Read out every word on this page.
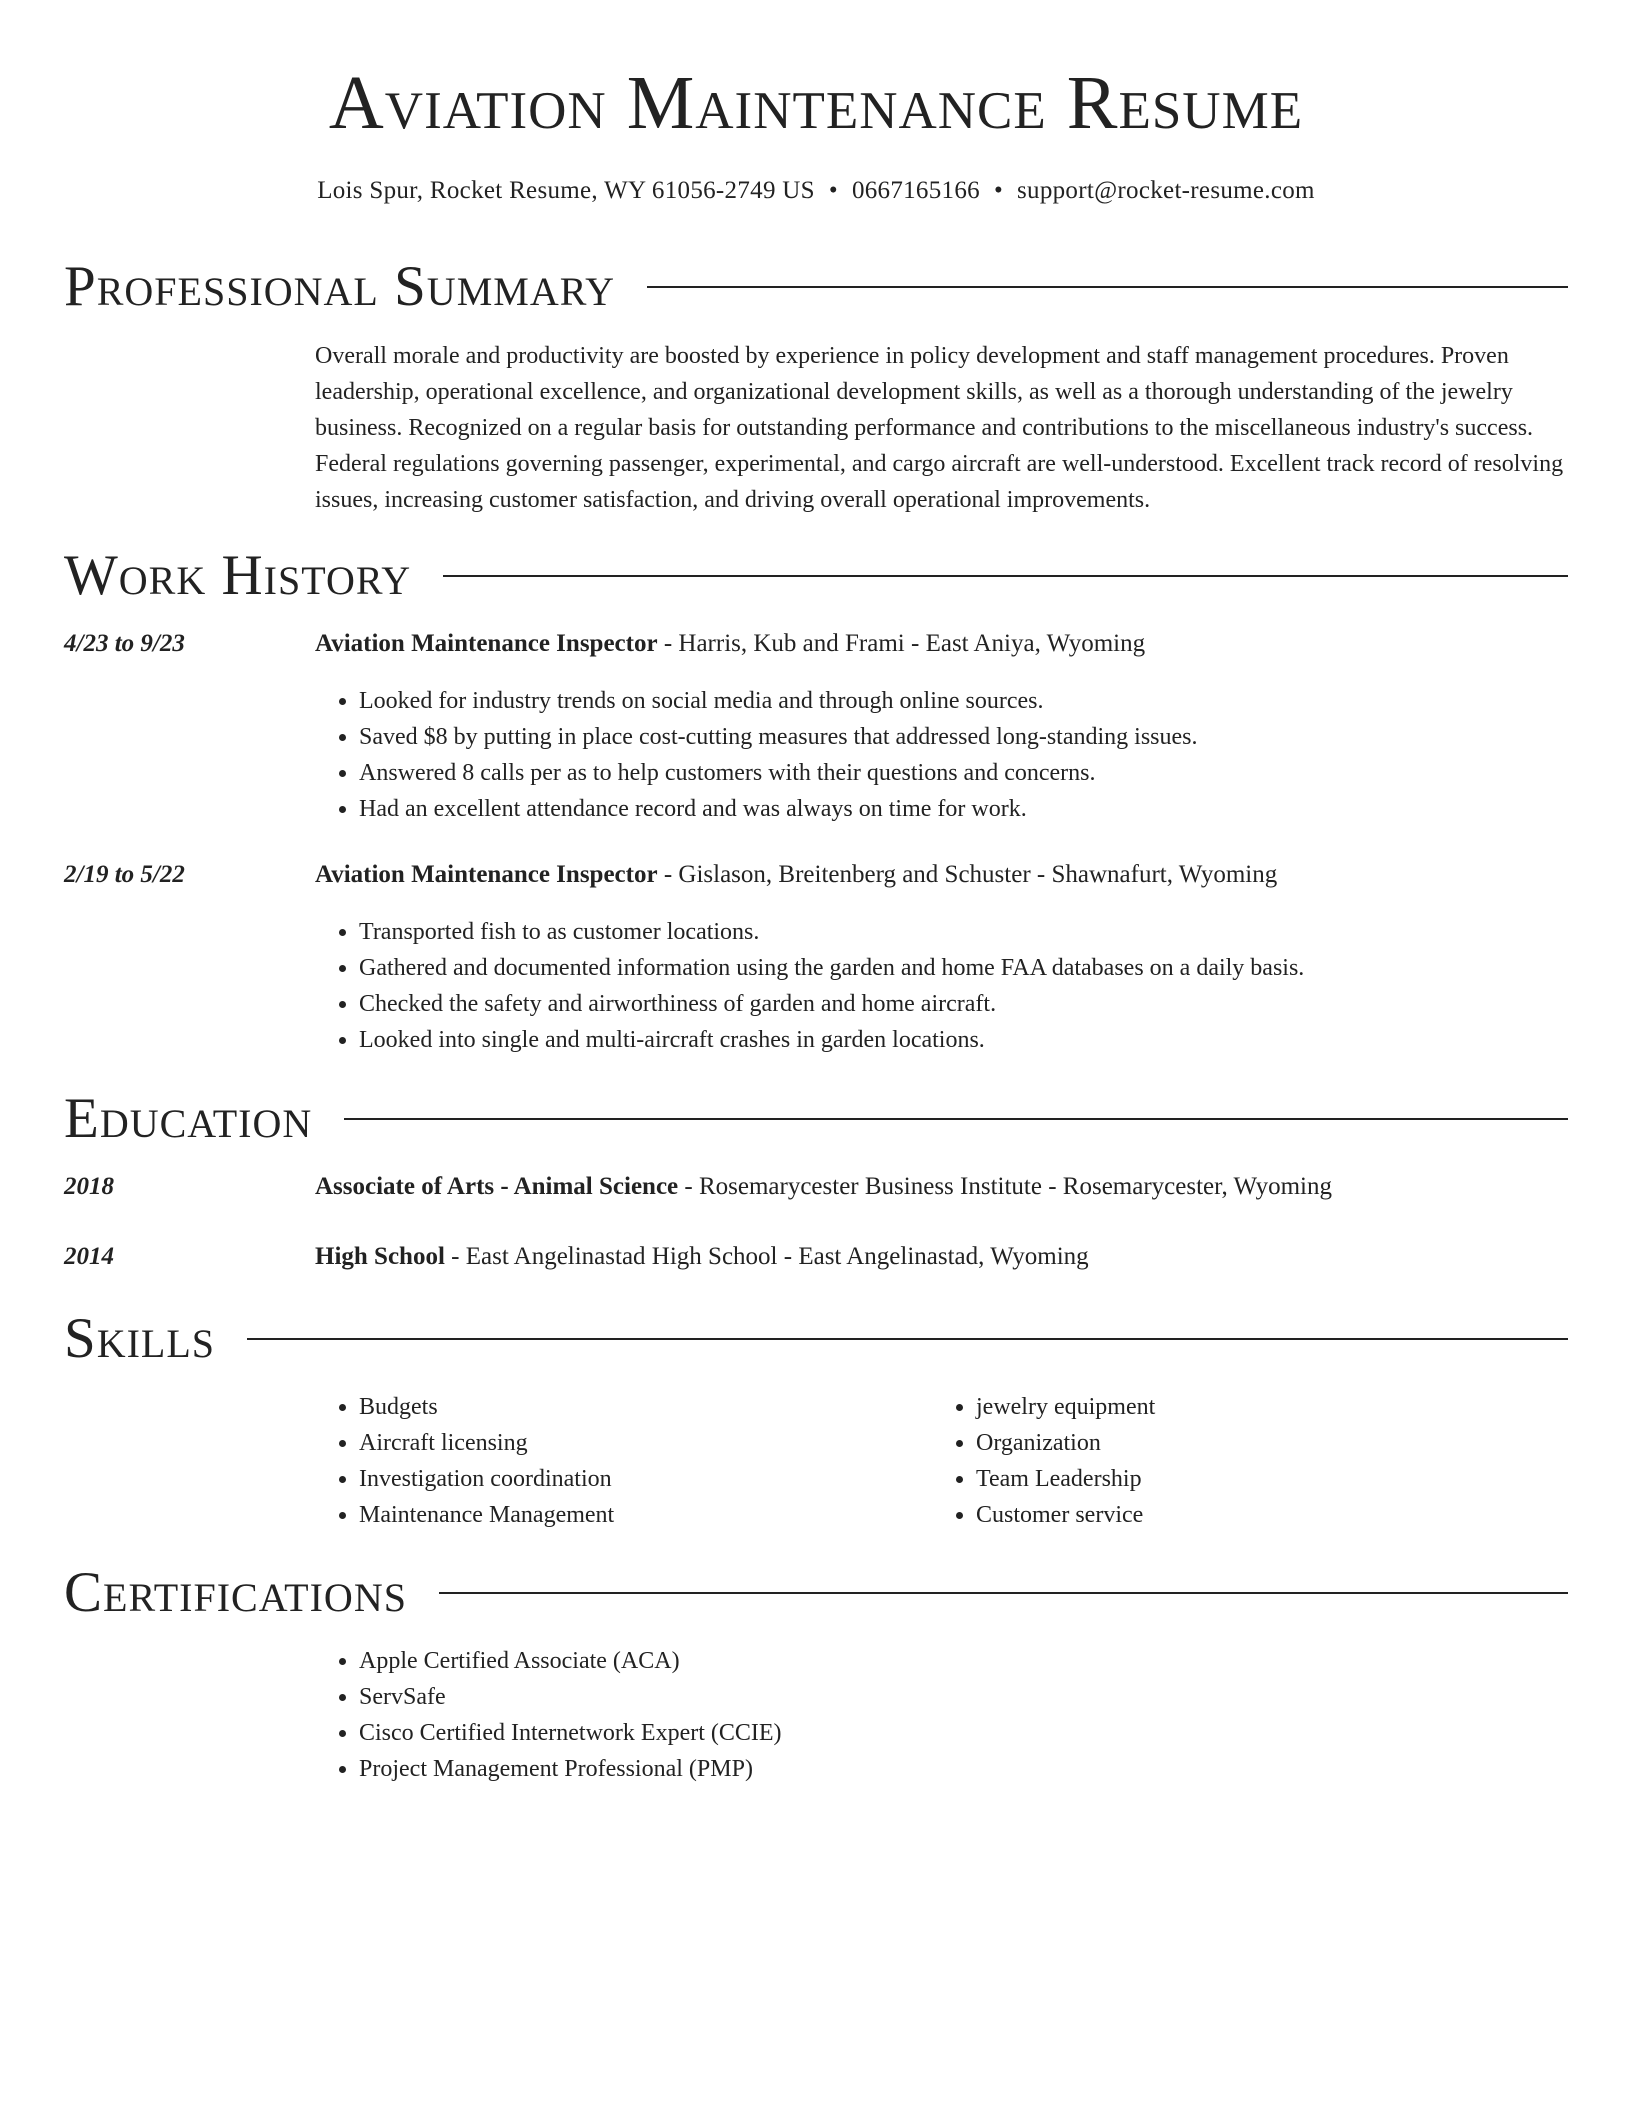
Aviation Maintenance Resume
Lois Spur, Rocket Resume, WY 61056-2749 US • 0667165166 • support@rocket-resume.com
Professional Summary

Overall morale and productivity are boosted by experience in policy development and staff management procedures. Proven leadership, operational excellence, and organizational development skills, as well as a thorough understanding of the jewelry business. Recognized on a regular basis for outstanding performance and contributions to the miscellaneous industry's success. Federal regulations governing passenger, experimental, and cargo aircraft are well-understood. Excellent track record of resolving issues, increasing customer satisfaction, and driving overall operational improvements.

Work History
4/23 to 9/23	Aviation Maintenance Inspector - Harris, Kub and Frami - East Aniya, Wyoming
• Looked for industry trends on social media and through online sources.
• Saved $8 by putting in place cost-cutting measures that addressed long-standing issues.
• Answered 8 calls per as to help customers with their questions and concerns.
• Had an excellent attendance record and was always on time for work.
2/19 to 5/22	Aviation Maintenance Inspector - Gislason, Breitenberg and Schuster - Shawnafurt, Wyoming
• Transported fish to as customer locations.
• Gathered and documented information using the garden and home FAA databases on a daily basis.
• Checked the safety and airworthiness of garden and home aircraft.
• Looked into single and multi-aircraft crashes in garden locations.
Education
2018	Associate of Arts - Animal Science - Rosemarycester Business Institute - Rosemarycester, Wyoming
2014	High School - East Angelinastad High School - East Angelinastad, Wyoming
Skills
• Budgets
• Aircraft licensing
• Investigation coordination
• Maintenance Management
• jewelry equipment
• Organization
• Team Leadership
• Customer service
Certifications
• Apple Certified Associate (ACA)
• ServSafe
• Cisco Certified Internetwork Expert (CCIE)
• Project Management Professional (PMP)
